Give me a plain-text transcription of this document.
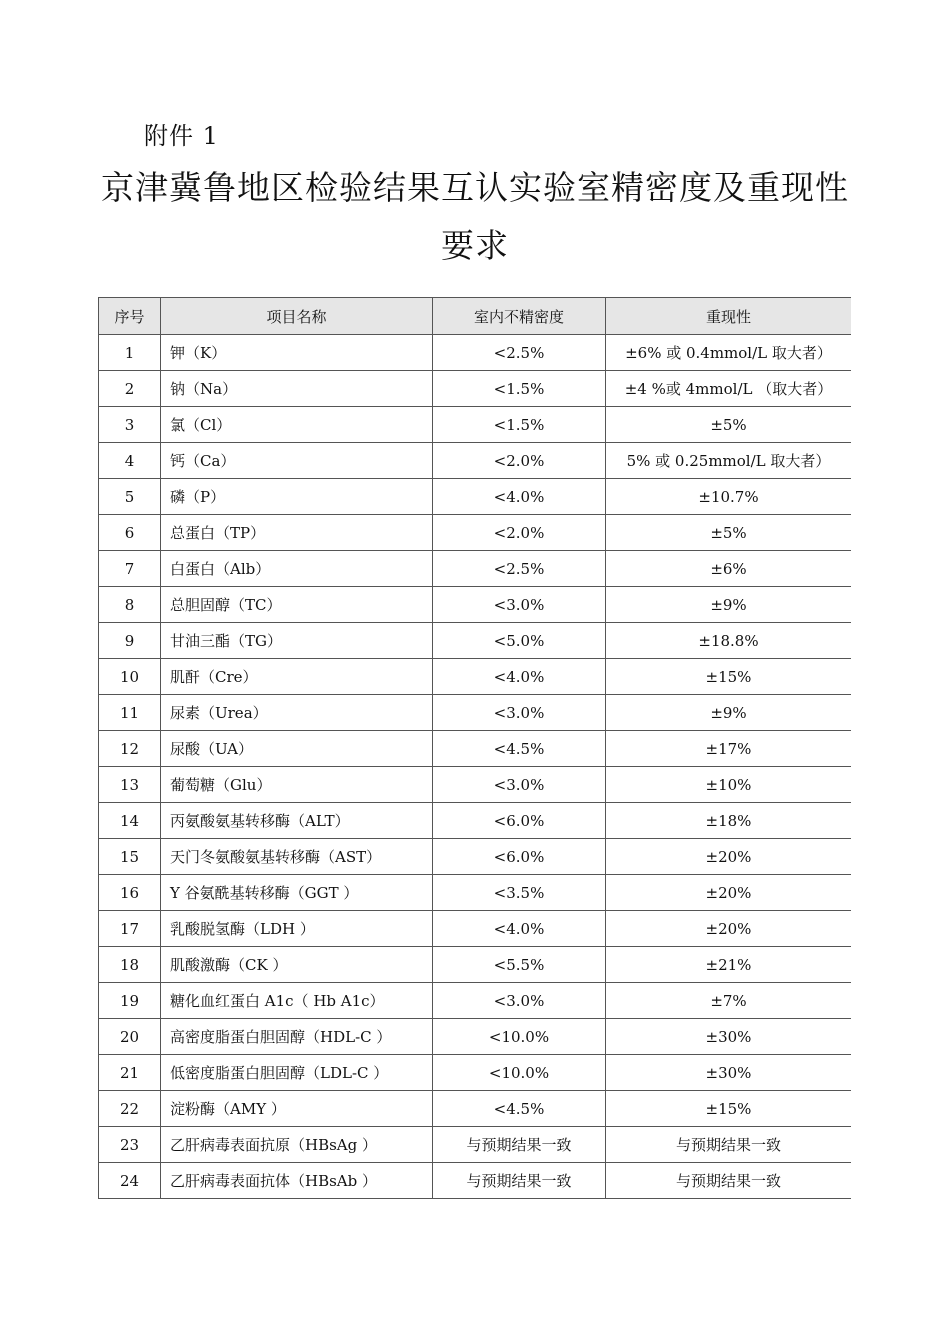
附件 1
京津冀鲁地区检验结果互认实验室精密度及重现性
要求
序号	项目名称	室内不精密度	重现性
1	钾（K）	<2.5%	±6% 或 0.4mmol/L 取大者）
2	钠（Na）	<1.5%	±4 %或 4mmol/L （取大者）
3	氯（Cl）	<1.5%	±5%
4	钙（Ca）	<2.0%	5% 或 0.25mmol/L 取大者）
5	磷（P）	<4.0%	±10.7%
6	总蛋白（TP）	<2.0%	±5%
7	白蛋白（Alb）	<2.5%	±6%
8	总胆固醇（TC）	<3.0%	±9%
9	甘油三酯（TG）	<5.0%	±18.8%
10	肌酐（Cre）	<4.0%	±15%
11	尿素（Urea）	<3.0%	±9%
12	尿酸（UA）	<4.5%	±17%
13	葡萄糖（Glu）	<3.0%	±10%
14	丙氨酸氨基转移酶（ALT）	<6.0%	±18%
15	天门冬氨酸氨基转移酶（AST）	<6.0%	±20%
16	Y 谷氨酰基转移酶（GGT ）	<3.5%	±20%
17	乳酸脱氢酶（LDH ）	<4.0%	±20%
18	肌酸激酶（CK ）	<5.5%	±21%
19	糖化血红蛋白 A1c（ Hb A1c）	<3.0%	±7%
20	高密度脂蛋白胆固醇（HDL-C ）	<10.0%	±30%
21	低密度脂蛋白胆固醇（LDL-C ）	<10.0%	±30%
22	淀粉酶（AMY ）	<4.5%	±15%
23	乙肝病毒表面抗原（HBsAg ）	与预期结果一致	与预期结果一致
24	乙肝病毒表面抗体（HBsAb ）	与预期结果一致	与预期结果一致
